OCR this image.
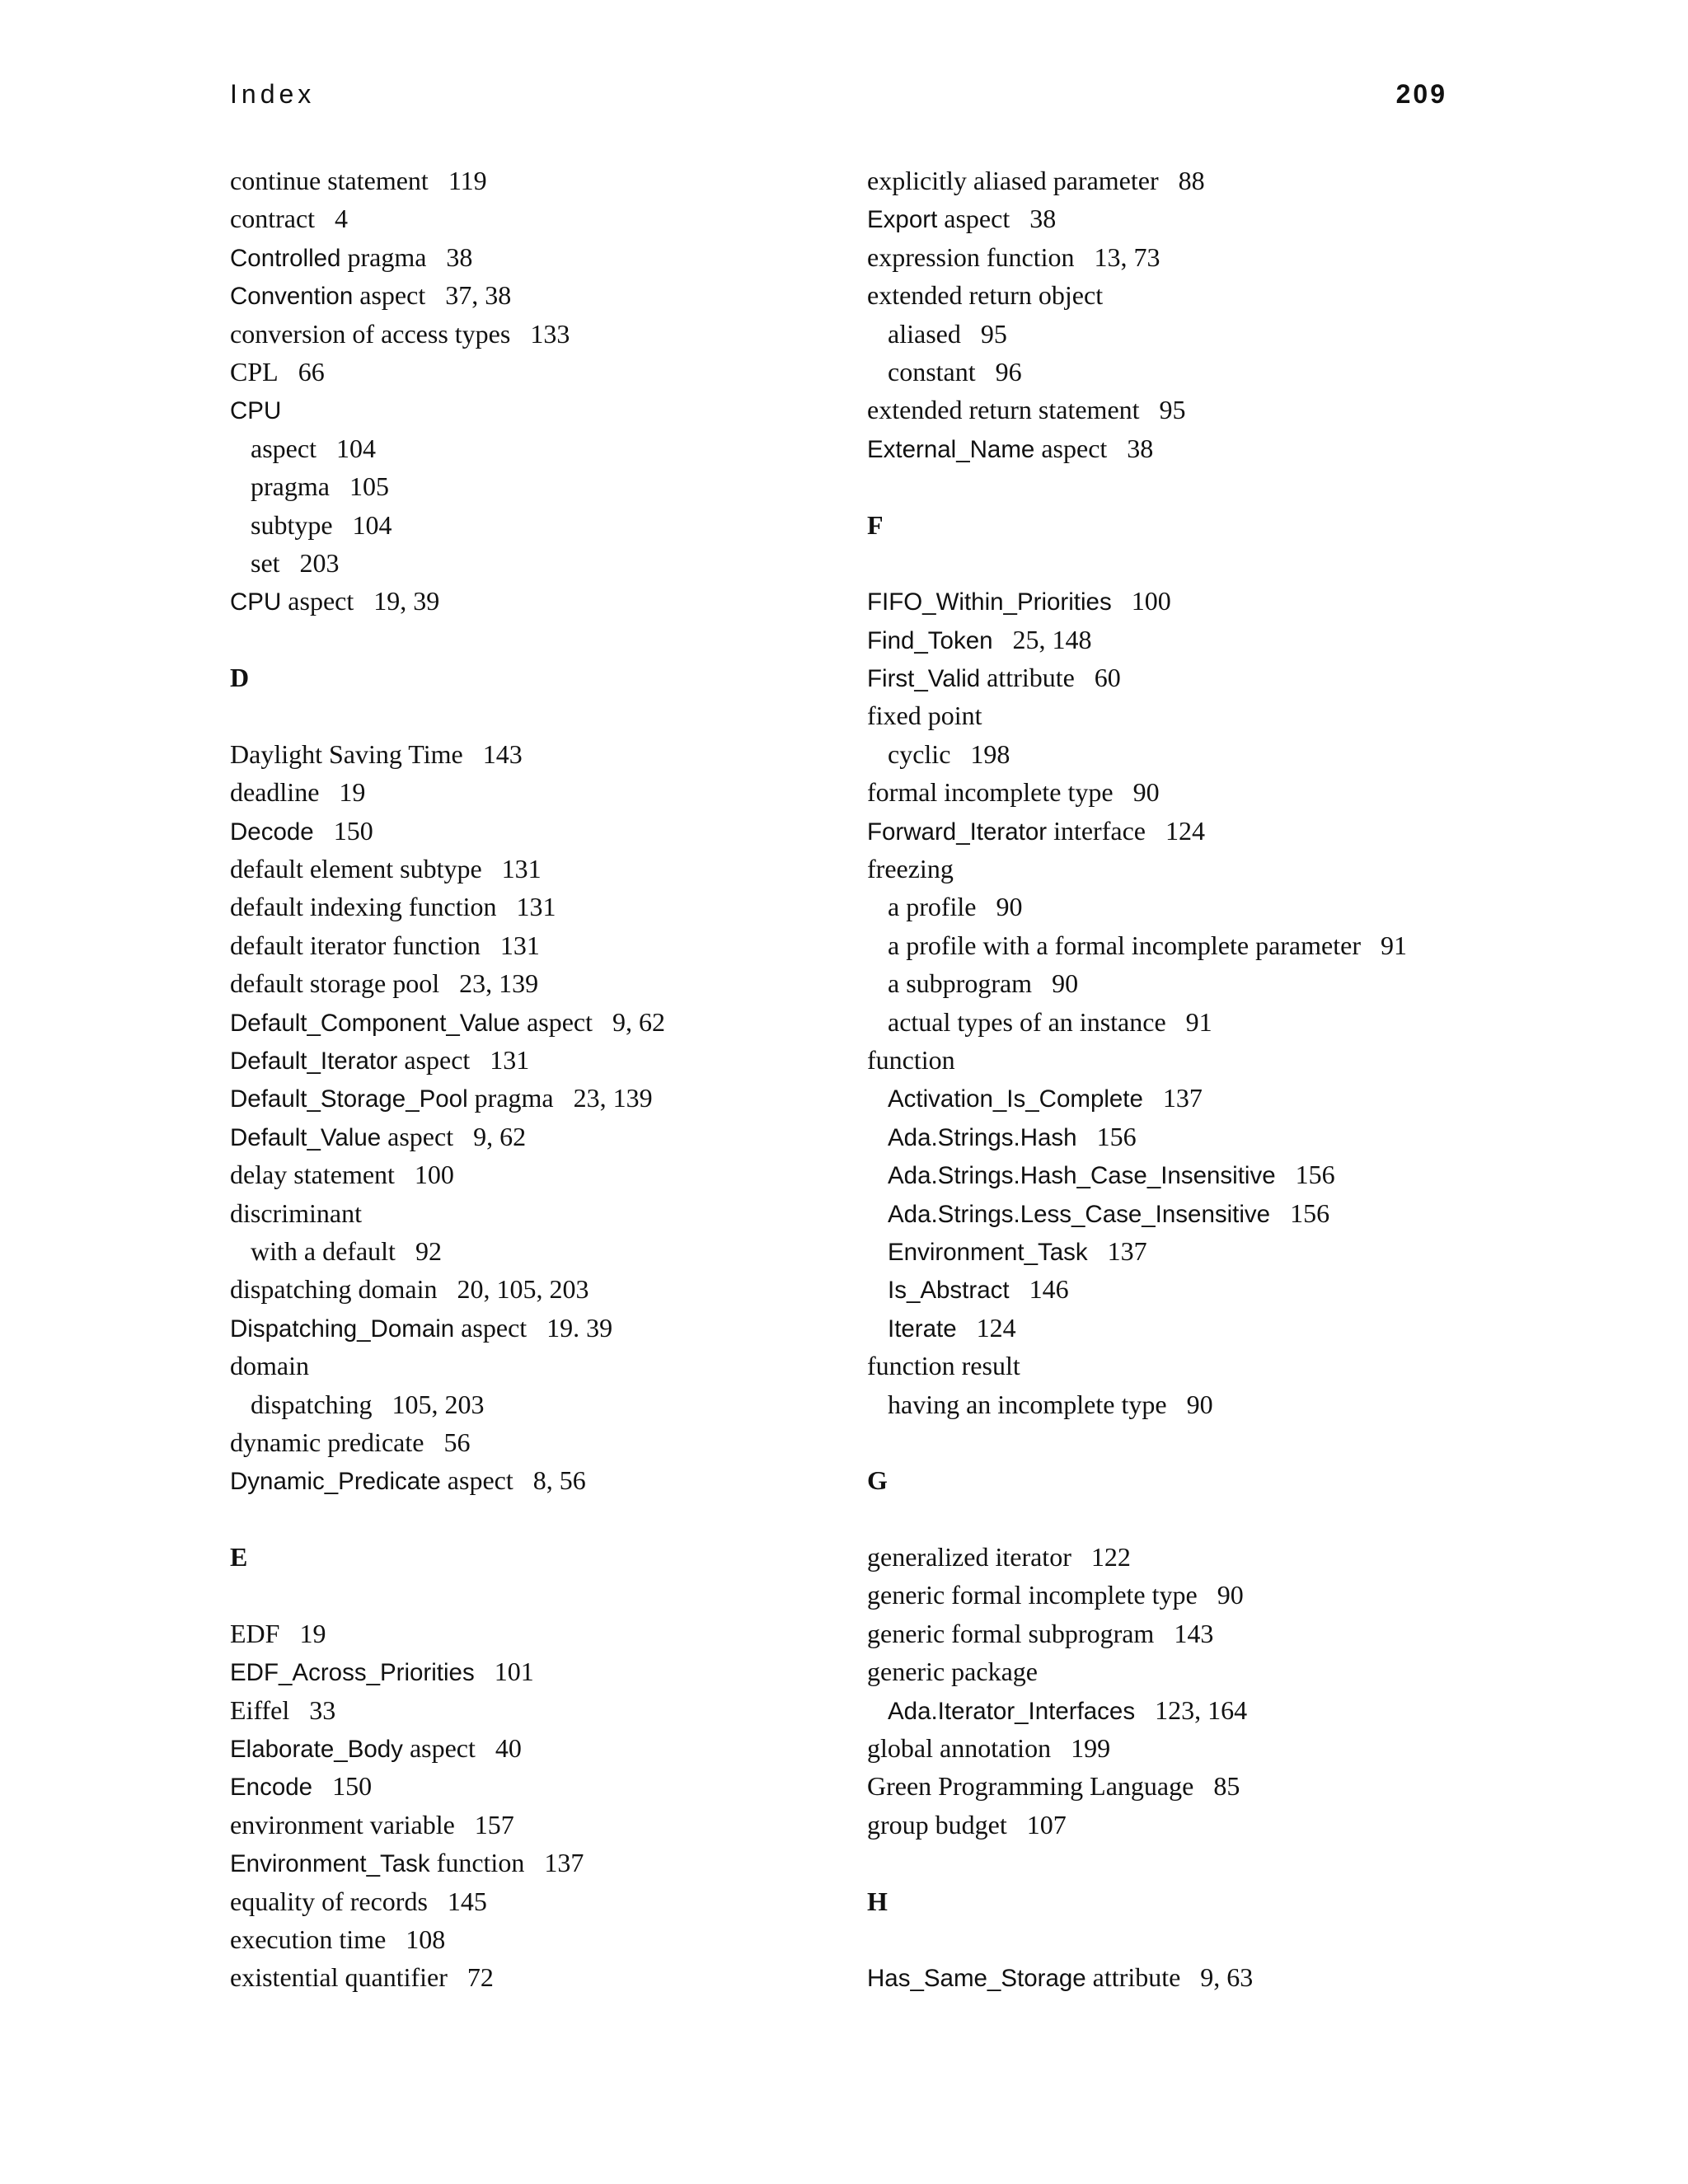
Index	209
continue statement 119
contract 4
Controlled pragma 38
Convention aspect 37, 38
conversion of access types 133
CPL 66
CPU
aspect 104
pragma 105
subtype 104
set 203
CPU aspect 19, 39
D
Daylight Saving Time 143
deadline 19
Decode 150
default element subtype 131
default indexing function 131
default iterator function 131
default storage pool 23, 139
Default_Component_Value aspect 9, 62
Default_Iterator aspect 131
Default_Storage_Pool pragma 23, 139
Default_Value aspect 9, 62
delay statement 100
discriminant
with a default 92
dispatching domain 20, 105, 203
Dispatching_Domain aspect 19. 39
domain
dispatching 105, 203
dynamic predicate 56
Dynamic_Predicate aspect 8, 56
E
EDF 19
EDF_Across_Priorities 101
Eiffel 33
Elaborate_Body aspect 40
Encode 150
environment variable 157
Environment_Task function 137
equality of records 145
execution time 108
existential quantifier 72
explicitly aliased parameter 88
Export aspect 38
expression function 13, 73
extended return object
aliased 95
constant 96
extended return statement 95
External_Name aspect 38
F
FIFO_Within_Priorities 100
Find_Token 25, 148
First_Valid attribute 60
fixed point
cyclic 198
formal incomplete type 90
Forward_Iterator interface 124
freezing
a profile 90
a profile with a formal incomplete parameter 91
a subprogram 90
actual types of an instance 91
function
Activation_Is_Complete 137
Ada.Strings.Hash 156
Ada.Strings.Hash_Case_Insensitive 156
Ada.Strings.Less_Case_Insensitive 156
Environment_Task 137
Is_Abstract 146
Iterate 124
function result
having an incomplete type 90
G
generalized iterator 122
generic formal incomplete type 90
generic formal subprogram 143
generic package
Ada.Iterator_Interfaces 123, 164
global annotation 199
Green Programming Language 85
group budget 107
H
Has_Same_Storage attribute 9, 63
